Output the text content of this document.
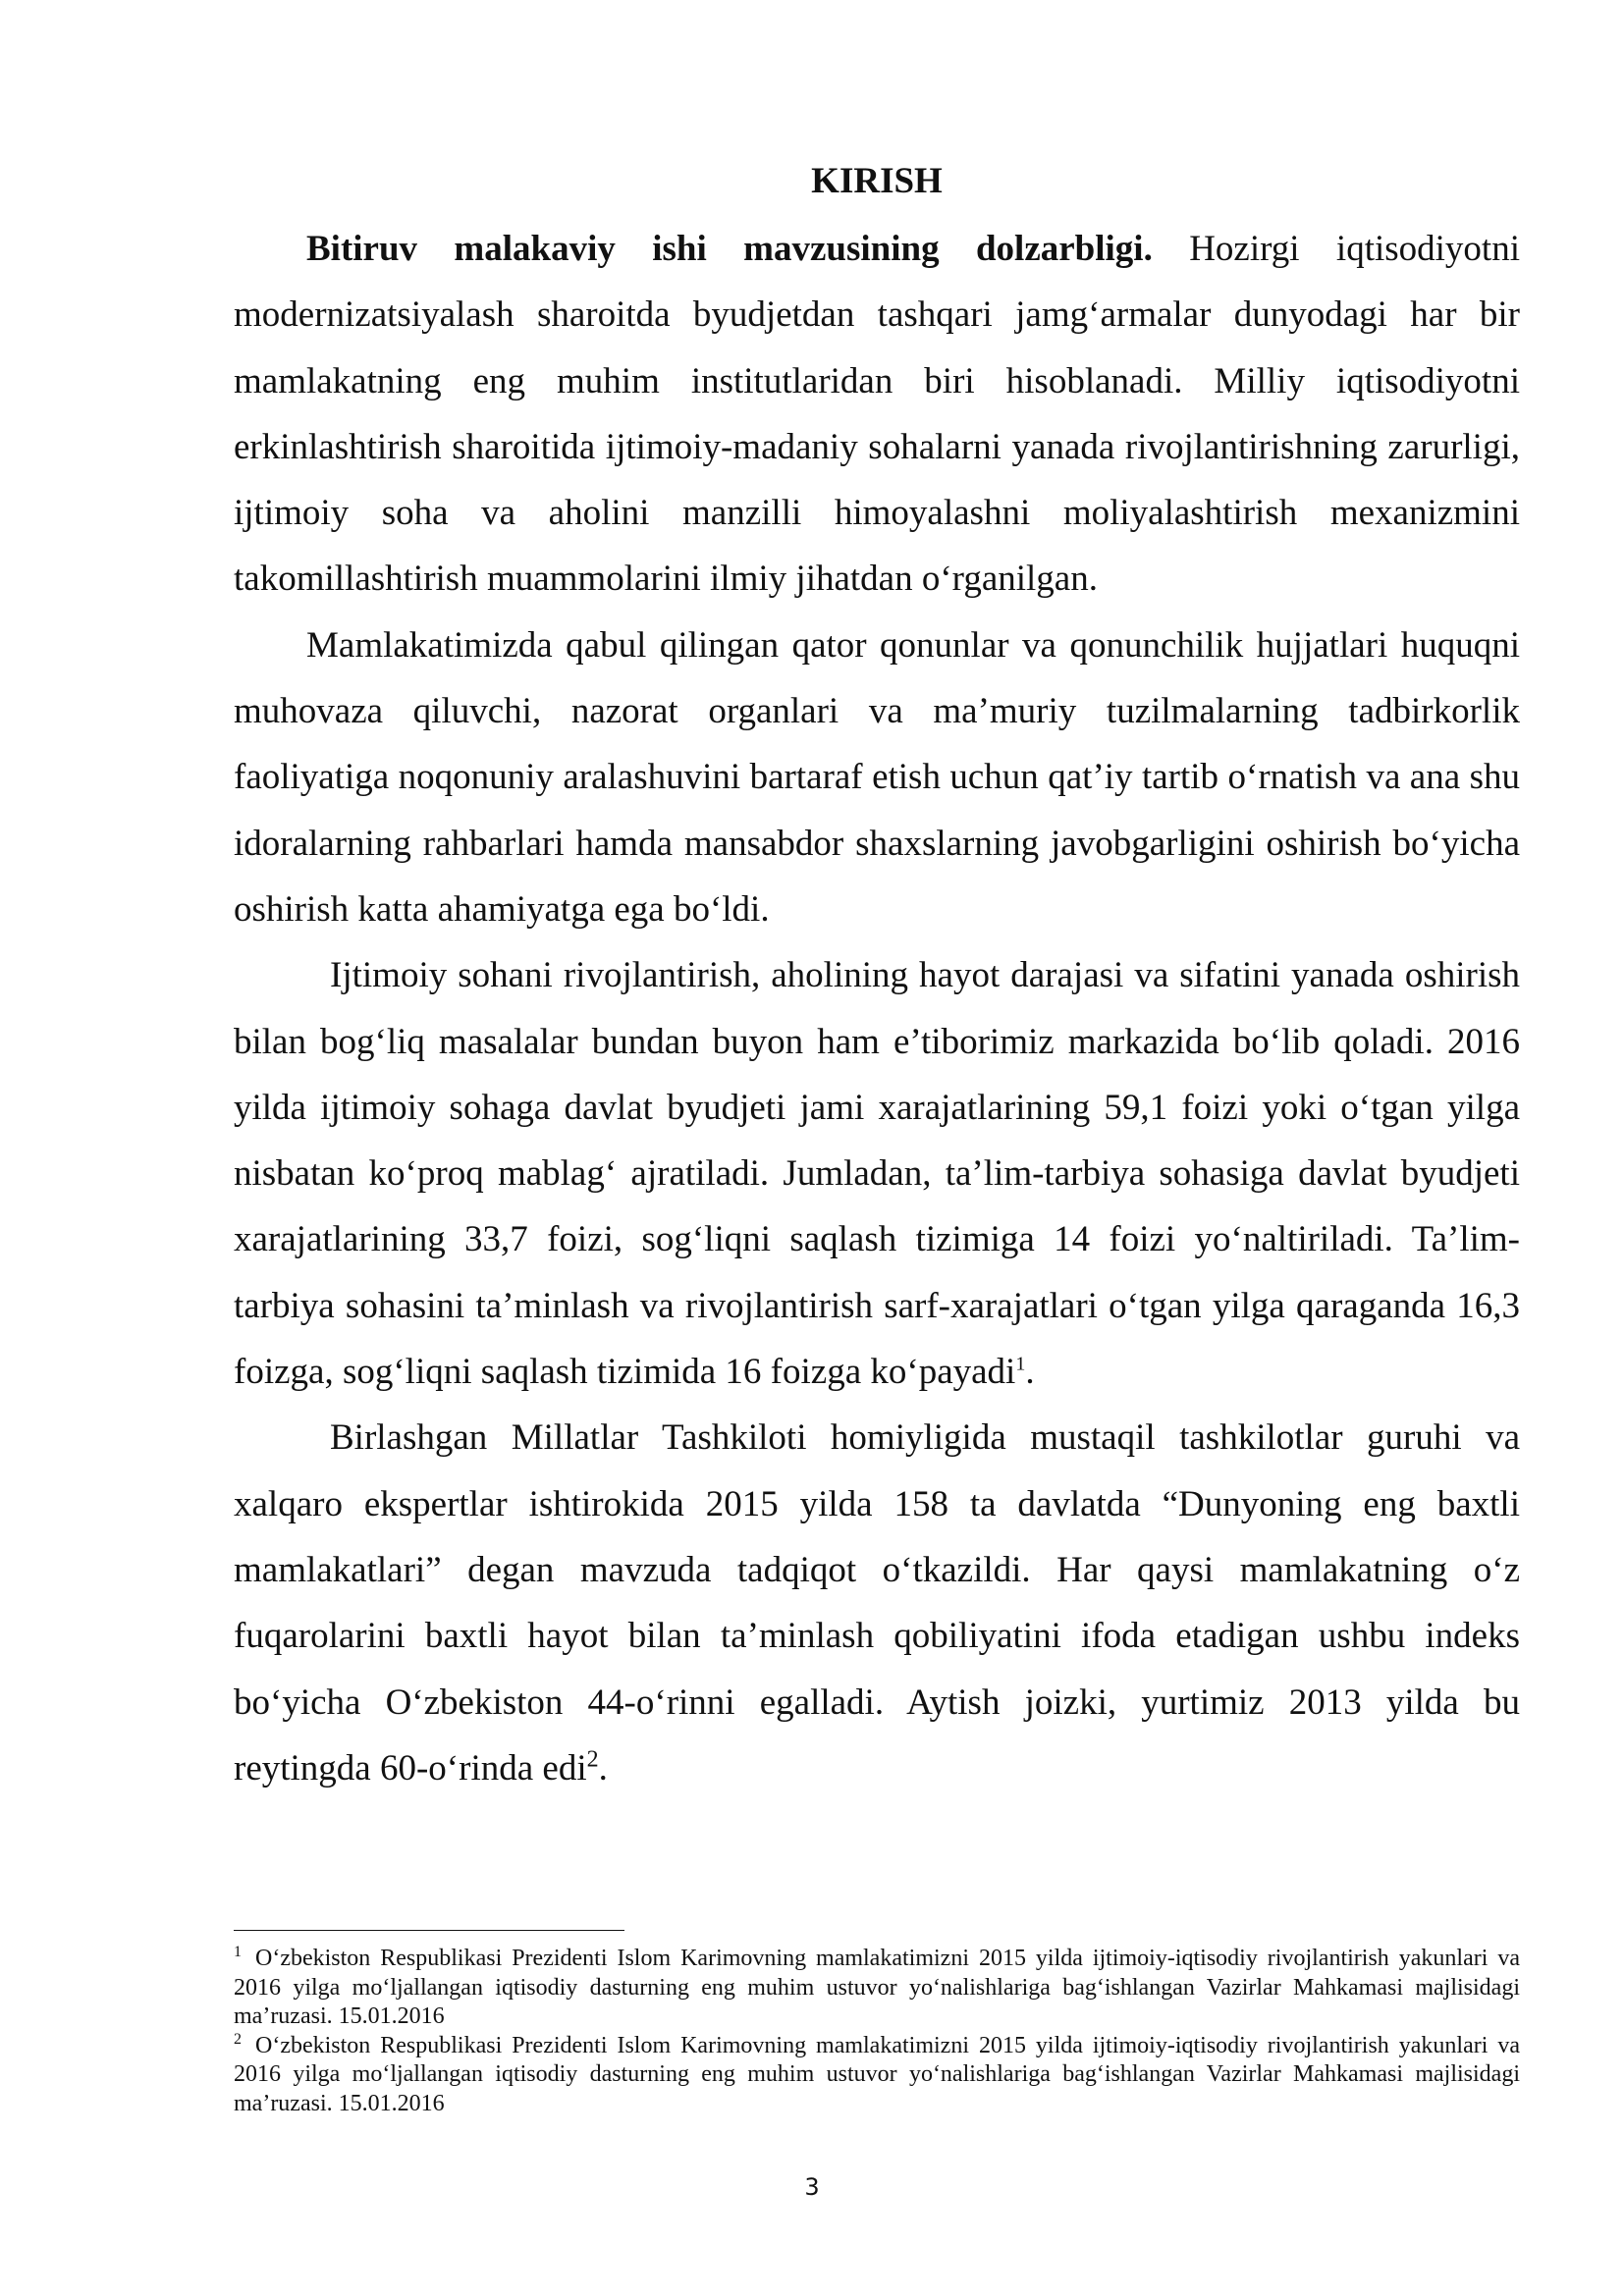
KIRISH

Bitiruv malakaviy ishi mavzusining dolzarbligi. Hozirgi iqtisodiyotni modernizatsiyalash sharoitda byudjetdan tashqari jamg‘armalar dunyodagi har bir mamlakatning eng muhim institutlaridan biri hisoblanadi. Milliy iqtisodiyotni erkinlashtirish sharoitida ijtimoiy-madaniy sohalarni yanada rivojlantirishning zarurligi, ijtimoiy soha va aholini manzilli himoyalashni moliyalashtirish mexanizmini takomillashtirish muammolarini ilmiy jihatdan o‘rganilgan.

Mamlakatimizda qabul qilingan qator qonunlar va qonunchilik hujjatlari huquqni muhovaza qiluvchi, nazorat organlari va ma’muriy tuzilmalarning tadbirkorlik faoliyatiga noqonuniy aralashuvini bartaraf etish uchun qat’iy tartib o‘rnatish va ana shu idoralarning rahbarlari hamda mansabdor shaxslarning javobgarligini oshirish bo‘yicha oshirish katta ahamiyatga ega bo‘ldi.

Ijtimoiy sohani rivojlantirish, aholining hayot darajasi va sifatini yanada oshirish bilan bog‘liq masalalar bundan buyon ham e’tiborimiz markazida bo‘lib qoladi. 2016 yilda ijtimoiy sohaga davlat byudjeti jami xarajatlarining 59,1 foizi yoki o‘tgan yilga nisbatan ko‘proq mablag‘ ajratiladi. Jumladan, ta’lim-tarbiya sohasiga davlat byudjeti xarajatlarining 33,7 foizi, sog‘liqni saqlash tizimiga 14 foizi yo‘naltiriladi. Ta’lim-tarbiya sohasini ta’minlash va rivojlantirish sarf-xarajatlari o‘tgan yilga qaraganda 16,3 foizga, sog‘liqni saqlash tizimida 16 foizga ko‘payadi$^1$.

Birlashgan Millatlar Tashkiloti homiyligida mustaqil tashkilotlar guruhi va xalqaro ekspertlar ishtirokida 2015 yilda 158 ta davlatda “Dunyoning eng baxtli mamlakatlari” degan mavzuda tadqiqot o‘tkazildi. Har qaysi mamlakatning o‘z fuqarolarini baxtli hayot bilan ta’minlash qobiliyatini ifoda etadigan ushbu indeks bo‘yicha O‘zbekiston 44-o‘rinni egalladi. Aytish joizki, yurtimiz 2013 yilda bu reytingda 60-o‘rinda edi$^2$.

$^1$ O‘zbekiston Respublikasi Prezidenti Islom Karimovning mamlakatimizni 2015 yilda ijtimoiy-iqtisodiy rivojlantirish yakunlari va 2016 yilga mo‘ljallangan iqtisodiy dasturning eng muhim ustuvor yo‘nalishlariga bag‘ishlangan Vazirlar Mahkamasi majlisidagi ma’ruzasi. 15.01.2016

$^2$ O‘zbekiston Respublikasi Prezidenti Islom Karimovning mamlakatimizni 2015 yilda ijtimoiy-iqtisodiy rivojlantirish yakunlari va 2016 yilga mo‘ljallangan iqtisodiy dasturning eng muhim ustuvor yo‘nalishlariga bag‘ishlangan Vazirlar Mahkamasi majlisidagi ma’ruzasi. 15.01.2016

3
